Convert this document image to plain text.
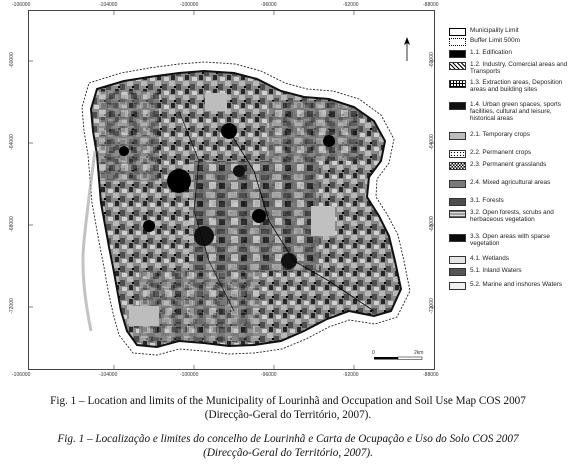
0	2km
-106000	-104000	-100000	-96000	-92000	-88000
-106000	-104000	-100000	-96000	-92000	-88000
-60000
-64000
-68000
-72000
-60000
-64000
-68000
-72000
Municipality Limit
Buffer Limit 500m
1.1. Edification
1.2. Industry, Comercial areas and Transports
1.3. Extraction areas, Deposition areas and building sites
1.4. Urban green spaces, sports facilities, cultural and leisure, historical areas
2.1. Temporary crops
2.2. Permanent crops
2.3. Permanent grasslands
2.4. Mixed agricultural areas
3.1. Forests
3.2. Open forests, scrubs and herbaceous vegetation
3.3. Open areas with sparse vegetation
4.1. Wetlands
5.1. Inland Waters
5.2. Marine and inshores Waters
Fig. 1 – Location and limits of the Municipality of Lourinhã and Occupation and Soil Use Map COS 2007
(Direcção-Geral do Território, 2007).
Fig. 1 – Localização e limites do concelho de Lourinhã e Carta de Ocupação e Uso do Solo COS 2007
(Direcção-Geral do Território, 2007).
